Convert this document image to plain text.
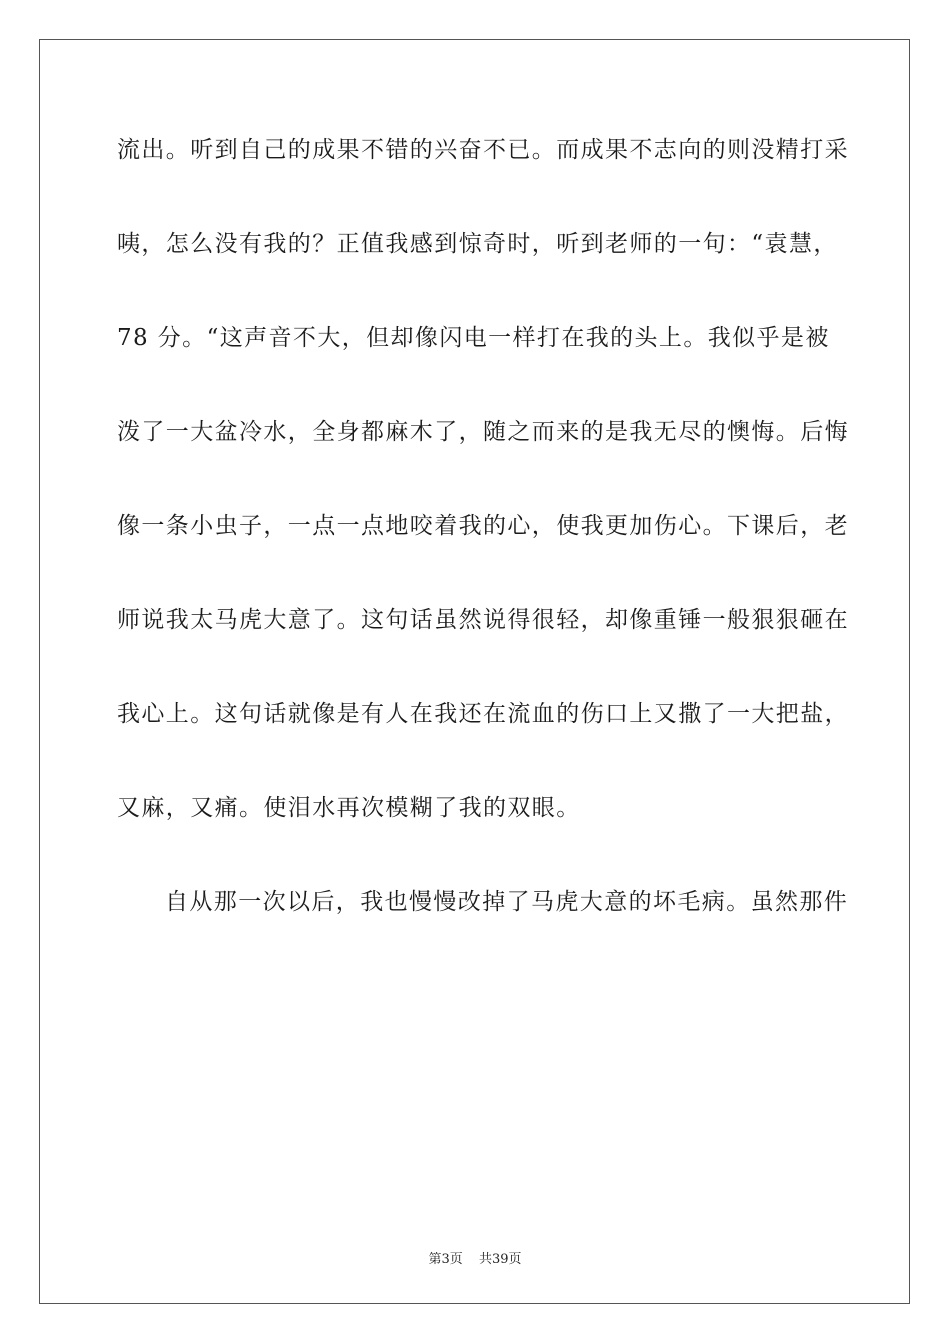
流出。听到自己的成果不错的兴奋不已。而成果不志向的则没精打采
咦，怎么没有我的？正值我感到惊奇时，听到老师的一句：“袁慧，
78 分。“这声音不大，但却像闪电一样打在我的头上。我似乎是被
泼了一大盆冷水，全身都麻木了，随之而来的是我无尽的懊悔。后悔
像一条小虫子，一点一点地咬着我的心，使我更加伤心。下课后，老
师说我太马虎大意了。这句话虽然说得很轻，却像重锤一般狠狠砸在
我心上。这句话就像是有人在我还在流血的伤口上又撒了一大把盐，
又麻，又痛。使泪水再次模糊了我的双眼。
自从那一次以后，我也慢慢改掉了马虎大意的坏毛病。虽然那件
第3页 共39页
